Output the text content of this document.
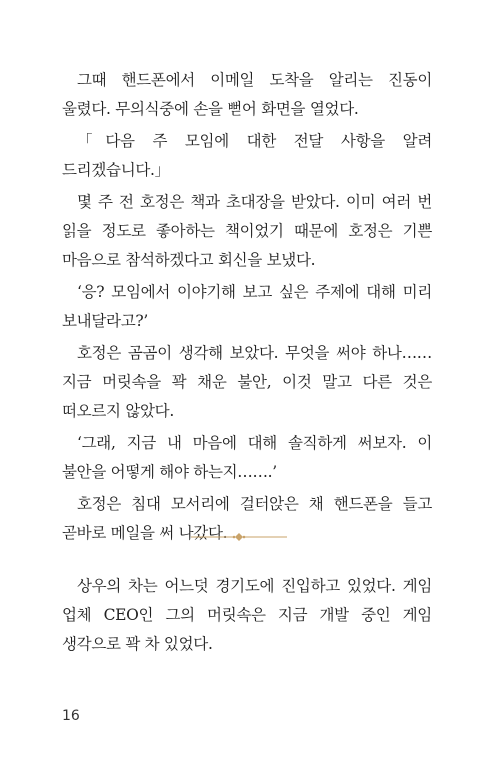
그때 핸드폰에서 이메일 도착을 알리는 진동이 울렸다. 무의식중에 손을 뻗어 화면을 열었다.

「다음 주 모임에 대한 전달 사항을 알려 드리겠습니다.」

몇 주 전 호정은 책과 초대장을 받았다. 이미 여러 번 읽을 정도로 좋아하는 책이었기 때문에 호정은 기쁜 마음으로 참석하겠다고 회신을 보냈다.

‘응? 모임에서 이야기해 보고 싶은 주제에 대해 미리 보내달라고?’

호정은 곰곰이 생각해 보았다. 무엇을 써야 하나…… 지금 머릿속을 꽉 채운 불안, 이것 말고 다른 것은 떠오르지 않았다.

‘그래, 지금 내 마음에 대해 솔직하게 써보자. 이 불안을 어떻게 해야 하는지…….’

호정은 침대 모서리에 걸터앉은 채 핸드폰을 들고 곧바로 메일을 써 나갔다.

상우의 차는 어느덧 경기도에 진입하고 있었다. 게임 업체 CEO인 그의 머릿속은 지금 개발 중인 게임 생각으로 꽉 차 있었다.

16
